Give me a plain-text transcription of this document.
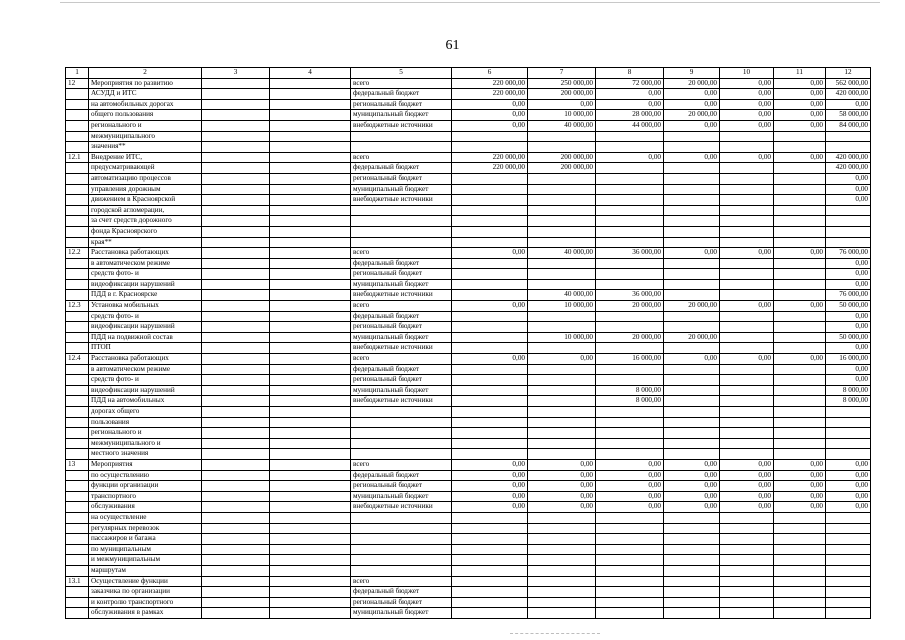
61
1	2	3	4	5	6	7	8	9	10	11	12
12	Мероприятия по развитию			всего	220 000,00	250 000,00	72 000,00	20 000,00	0,00	0,00	562 000,00
	АСУДД и ИТС			федеральный бюджет	220 000,00	200 000,00	0,00	0,00	0,00	0,00	420 000,00
	на автомобильных дорогах			региональный бюджет	0,00	0,00	0,00	0,00	0,00	0,00	0,00
	общего пользования			муниципальный бюджет	0,00	10 000,00	28 000,00	20 000,00	0,00	0,00	58 000,00
	регионального и			внебюджетные источники	0,00	40 000,00	44 000,00	0,00	0,00	0,00	84 000,00
	межмуниципального										
	значения**										
12.1	Внедрение ИТС,			всего	220 000,00	200 000,00	0,00	0,00	0,00	0,00	420 000,00
	предусматривающей			федеральный бюджет	220 000,00	200 000,00					420 000,00
	автоматизацию процессов			региональный бюджет							0,00
	управления дорожным			муниципальный бюджет							0,00
	движением в Красноярской			внебюджетные источники							0,00
	городской агломерации,										
	за счет средств дорожного										
	фонда Красноярского										
	края**										
12.2	Расстановка работающих			всего	0,00	40 000,00	36 000,00	0,00	0,00	0,00	76 000,00
	в автоматическом режиме			федеральный бюджет							0,00
	средств фото- и			региональный бюджет							0,00
	видеофиксации нарушений			муниципальный бюджет							0,00
	ПДД в г. Красноярске			внебюджетные источники		40 000,00	36 000,00				76 000,00
12.3	Установка мобильных			всего	0,00	10 000,00	20 000,00	20 000,00	0,00	0,00	50 000,00
	средств фото- и			федеральный бюджет							0,00
	видеофиксации нарушений			региональный бюджет							0,00
	ПДД на подвижной состав			муниципальный бюджет		10 000,00	20 000,00	20 000,00			50 000,00
	ПТОП			внебюджетные источники							0,00
12.4	Расстановка работающих			всего	0,00	0,00	16 000,00	0,00	0,00	0,00	16 000,00
	в автоматическом режиме			федеральный бюджет							0,00
	средств фото- и			региональный бюджет							0,00
	видеофиксации нарушений			муниципальный бюджет			8 000,00				8 000,00
	ПДД на автомобильных			внебюджетные источники			8 000,00				8 000,00
	дорогах общего										
	пользования										
	регионального и										
	межмуниципального и										
	местного значения										
13	Мероприятия			всего	0,00	0,00	0,00	0,00	0,00	0,00	0,00
	по осуществлению			федеральный бюджет	0,00	0,00	0,00	0,00	0,00	0,00	0,00
	функции организации			региональный бюджет	0,00	0,00	0,00	0,00	0,00	0,00	0,00
	транспортного			муниципальный бюджет	0,00	0,00	0,00	0,00	0,00	0,00	0,00
	обслуживания			внебюджетные источники	0,00	0,00	0,00	0,00	0,00	0,00	0,00
	на осуществление										
	регулярных перевозок										
	пассажиров и багажа										
	по муниципальным										
	и межмуниципальным										
	маршрутам										
13.1	Осуществление функции			всего							
	заказчика по организации			федеральный бюджет							
	и контролю транспортного			региональный бюджет							
	обслуживания в рамках			муниципальный бюджет							
